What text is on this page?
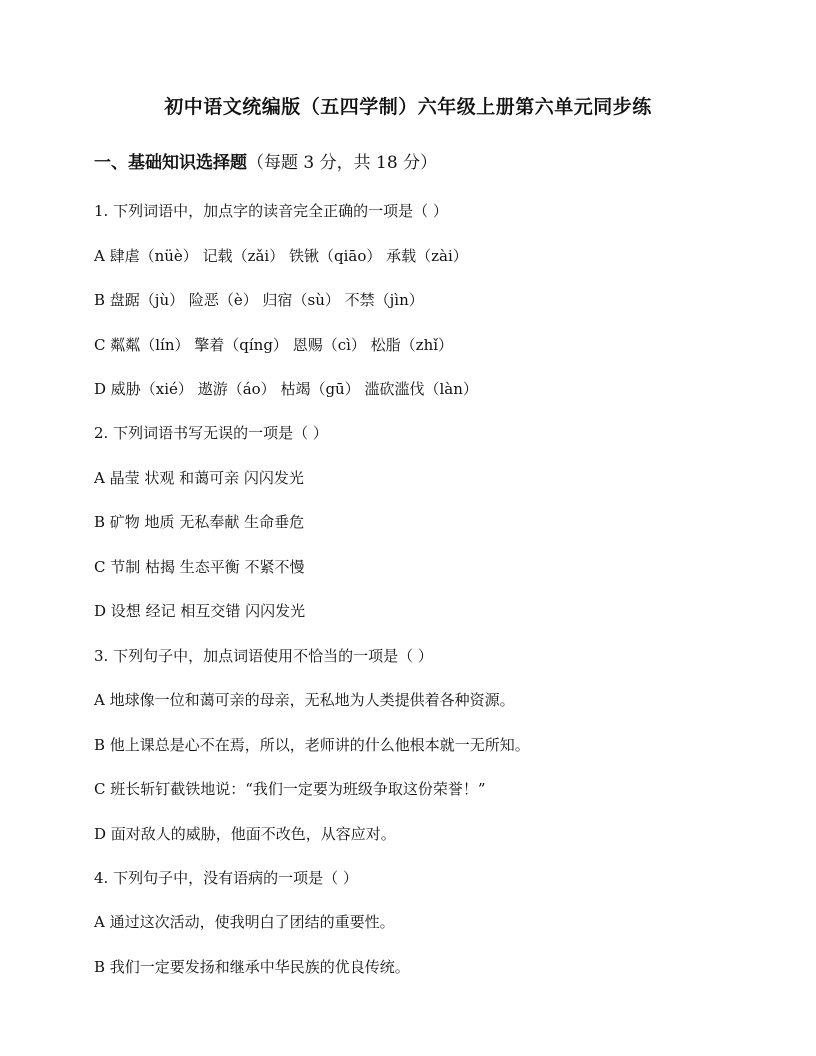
初中语文统编版（五四学制）六年级上册第六单元同步练
一、基础知识选择题（每题 3 分，共 18 分）
1. 下列词语中，加点字的读音完全正确的一项是（ ）
A 肆虐（nüè） 记载（zǎi） 铁锹（qiāo） 承载（zài）
B 盘踞（jù） 险恶（è） 归宿（sù） 不禁（jìn）
C 粼粼（lín） 擎着（qíng） 恩赐（cì） 松脂（zhǐ）
D 威胁（xié） 遨游（áo） 枯竭（gū） 滥砍滥伐（làn）
2. 下列词语书写无误的一项是（ ）
A 晶莹 状观 和蔼可亲 闪闪发光
B 矿物 地质 无私奉献 生命垂危
C 节制 枯揭 生态平衡 不紧不慢
D 设想 经记 相互交错 闪闪发光
3. 下列句子中，加点词语使用不恰当的一项是（ ）
A 地球像一位和蔼可亲的母亲，无私地为人类提供着各种资源。
B 他上课总是心不在焉，所以，老师讲的什么他根本就一无所知。
C 班长斩钉截铁地说：“我们一定要为班级争取这份荣誉！”
D 面对敌人的威胁，他面不改色，从容应对。
4. 下列句子中，没有语病的一项是（ ）
A 通过这次活动，使我明白了团结的重要性。
B 我们一定要发扬和继承中华民族的优良传统。
